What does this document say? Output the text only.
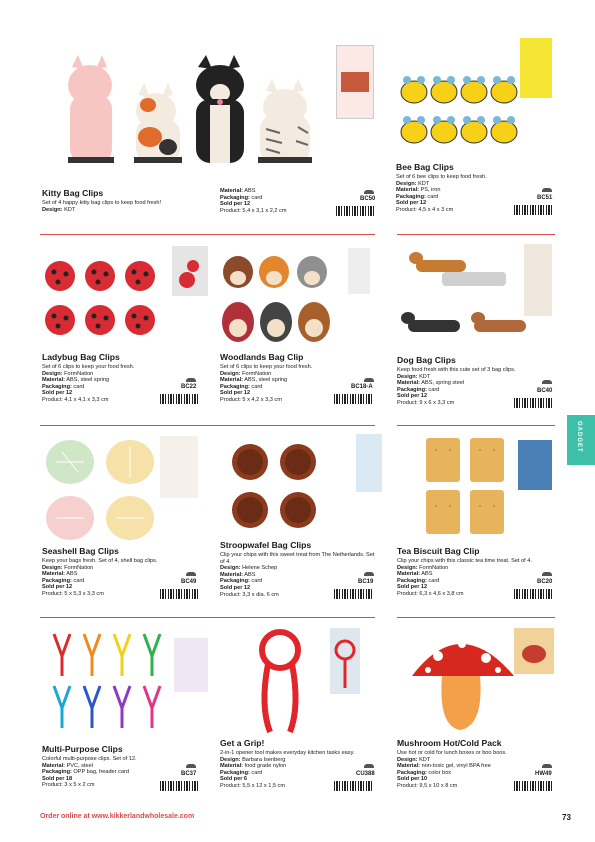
GADGET
Kitty Bag Clips
Set of 4 happy kitty bag clips to keep food fresh!
Design: KDT
Material: ABS
Packaging: card
Sold per 12
Product: 5,4 x 3,1 x 2,2 cm
BC50
Bee Bag Clips
Set of 6 bee clips to keep food fresh.
Design: KDT
Material: PS, iron
Packaging: card
Sold per 12
Product: 4,5 x 4 x 3 cm
BC51
Ladybug Bag Clips
Set of 6 clips to keep your food fresh.
Design: FormNation
Material: ABS, steel spring
Packaging: card
Sold per 12
Product: 4,1 x 4,1 x 3,3 cm
BC22
Woodlands Bag Clip
Set of 6 clips to keep your food fresh.
Design: FormNation
Material: ABS, steel spring
Packaging: card
Sold per 12
Product: 5 x 4,2 x 3,3 cm
BC18-A
Dog Bag Clips
Keep food fresh with this cute set of 3 bag clips.
Design: KDT
Material: ABS, spring steel
Packaging: card
Sold per 12
Product: 9 x 6 x 3,3 cm
BC40
Seashell Bag Clips
Keep your bags fresh. Set of 4, shell bag clips.
Design: FormNation
Material: ABS
Packaging: card
Sold per 12
Product: 5 x 5,3 x 3,3 cm
BC49
Stroopwafel Bag Clips
Clip your chips with this sweet treat from The Netherlands. Set of 4.
Design: Helene Schep
Material: ABS
Packaging: card
Sold per 12
Product: 3,3 x dia. 6 cm
BC19
Tea Biscuit Bag Clip
Clip your chips with this classic tea time treat. Set of 4.
Design: FormNation
Material: ABS
Packaging: card
Sold per 12
Product: 6,3 x 4,6 x 3,8 cm
BC20
Multi-Purpose Clips
Colorful multi-purpose clips. Set of 12.
Material: PVC, steel
Packaging: OPP bag, header card
Sold per 18
Product: 3 x 5 x 2 cm
BC37
Get a Grip!
2-in-1 opener tool makes everyday kitchen tasks easy.
Design: Barbara Isenberg
Material: food grade nylon
Packaging: card
Sold per 6
Product: 5,5 x 12 x 1,5 cm
CU388
Mushroom Hot/Cold Pack
Use hot or cold for lunch boxes or boo boos.
Design: KDT
Material: non-toxic gel, vinyl BPA free
Packaging: color box
Sold per 10
Product: 9,5 x 10 x 8 cm
HW49
Order online at www.kikkerlandwholesale.com	73
